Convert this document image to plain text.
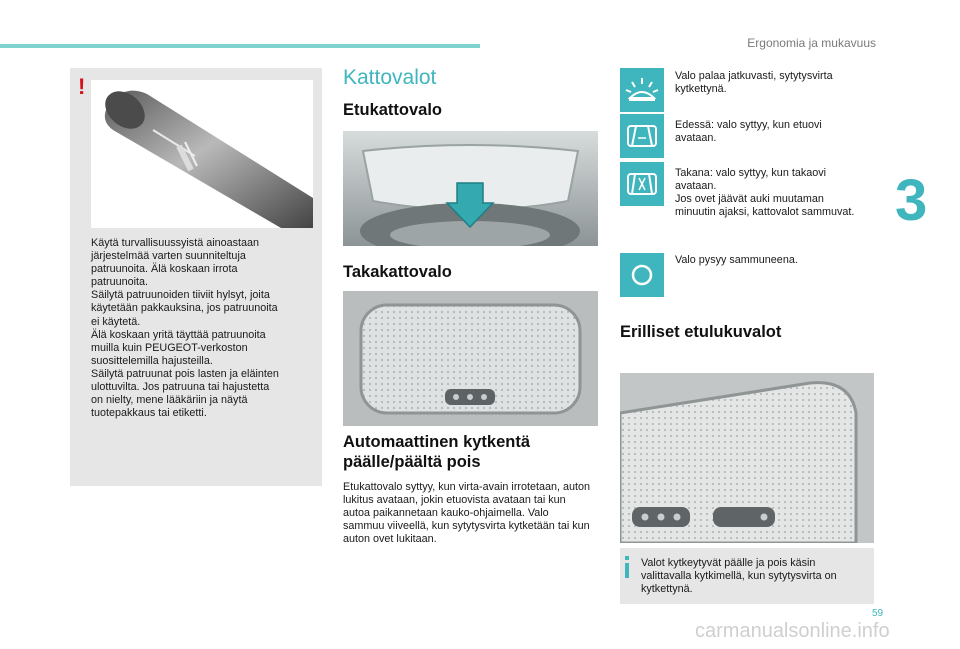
Ergonomia ja mukavuus
3
!
Käytä turvallisuussyistä ainoastaan
järjestelmää varten suunniteltuja
patruunoita. Älä koskaan irrota
patruunoita.
Säilytä patruunoiden tiiviit hylsyt, joita
käytetään pakkauksina, jos patruunoita
ei käytetä.
Älä koskaan yritä täyttää patruunoita
muilla kuin PEUGEOT-verkoston
suosittelemilla hajusteilla.
Säilytä patruunat pois lasten ja eläinten
ulottuvilta. Jos patruuna tai hajustetta
on nielty, mene lääkäriin ja näytä
tuotepakkaus tai etiketti.
Kattovalot
Etukattovalo
Takakattovalo
Automaattinen kytkentä
päälle/päältä pois
Etukattovalo syttyy, kun virta-avain irrotetaan, auton lukitus avataan, jokin etuovista avataan tai kun autoa paikannetaan kauko-ohjaimella. Valo sammuu viiveellä, kun sytytysvirta kytketään tai kun auton ovet lukitaan.
Valo palaa jatkuvasti, sytytysvirta
kytkettynä.
Edessä: valo syttyy, kun etuovi
avataan.
Takana: valo syttyy, kun takaovi
avataan.
Jos ovet jäävät auki muutaman
minuutin ajaksi, kattovalot sammuvat.
Valo pysyy sammuneena.
Erilliset etulukuvalot
Valot kytkeytyvät päälle ja pois käsin valittavalla kytkimellä, kun sytytysvirta on kytkettynä.
59
carmanualsonline.info
